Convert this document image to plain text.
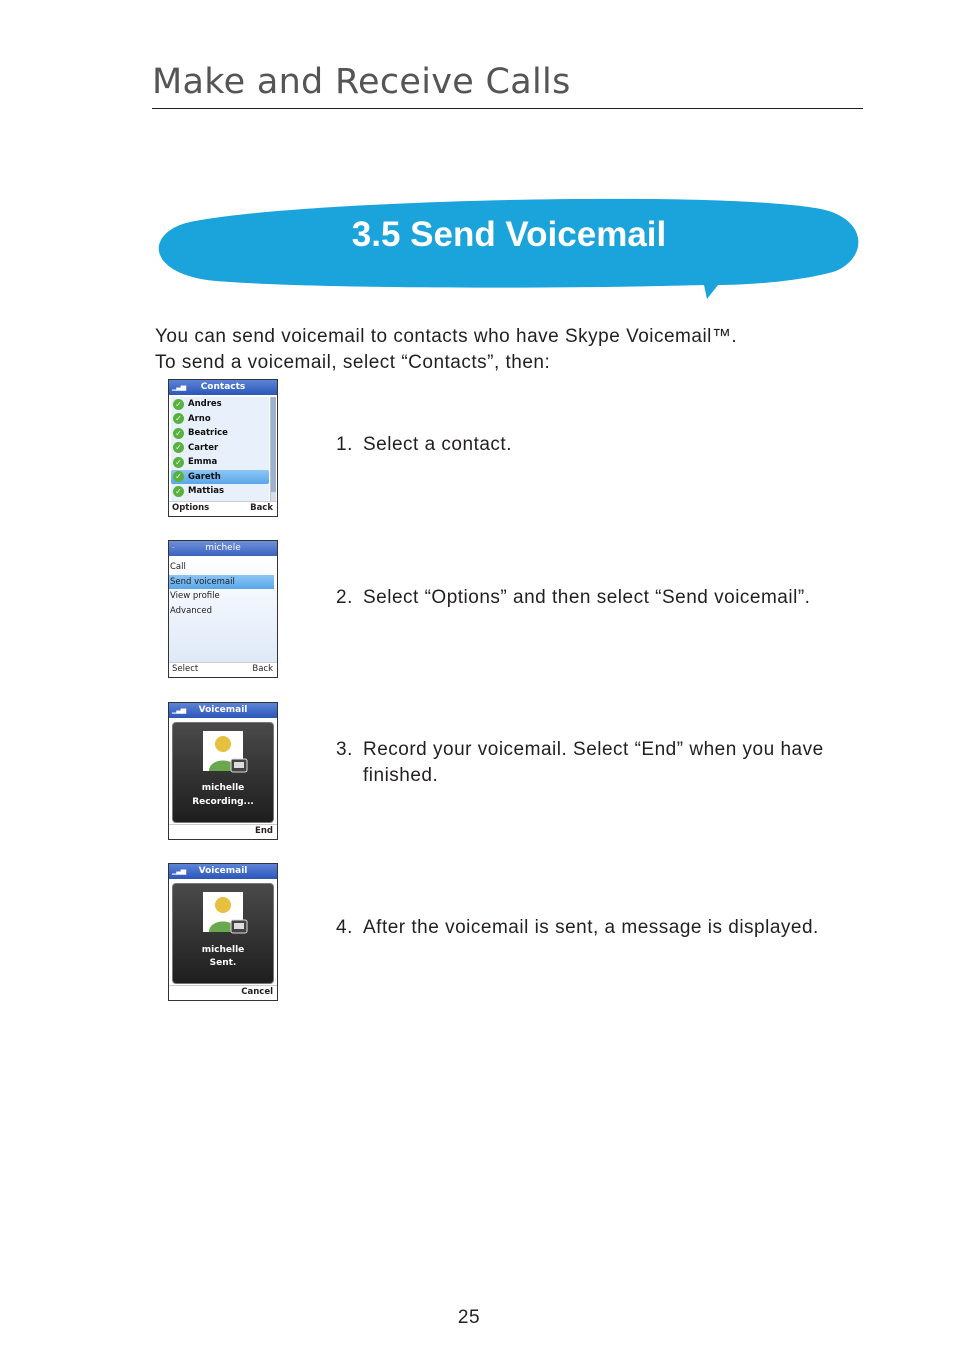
Make and Receive Calls
3.5 Send Voicemail

You can send voicemail to contacts who have Skype Voicemail™.

To send a voicemail, select “Contacts”, then:

▁▃▅ Contacts
✓ Andres
✓ Arno
✓ Beatrice
✓ Carter
✓ Emma
✓ Gareth
✓ Mattias
Options	Back
1. Select a contact.
·	michele
Call
Send voicemail
View profile
Advanced
Select	Back
2. Select “Options” and then select “Send voicemail”.
▁▃▅ Voicemail
michelle
Recording...
End
3. Record your voicemail. Select “End” when you have finished.
▁▃▅ Voicemail
michelle
Sent.
Cancel
4. After the voicemail is sent, a message is displayed.
25
